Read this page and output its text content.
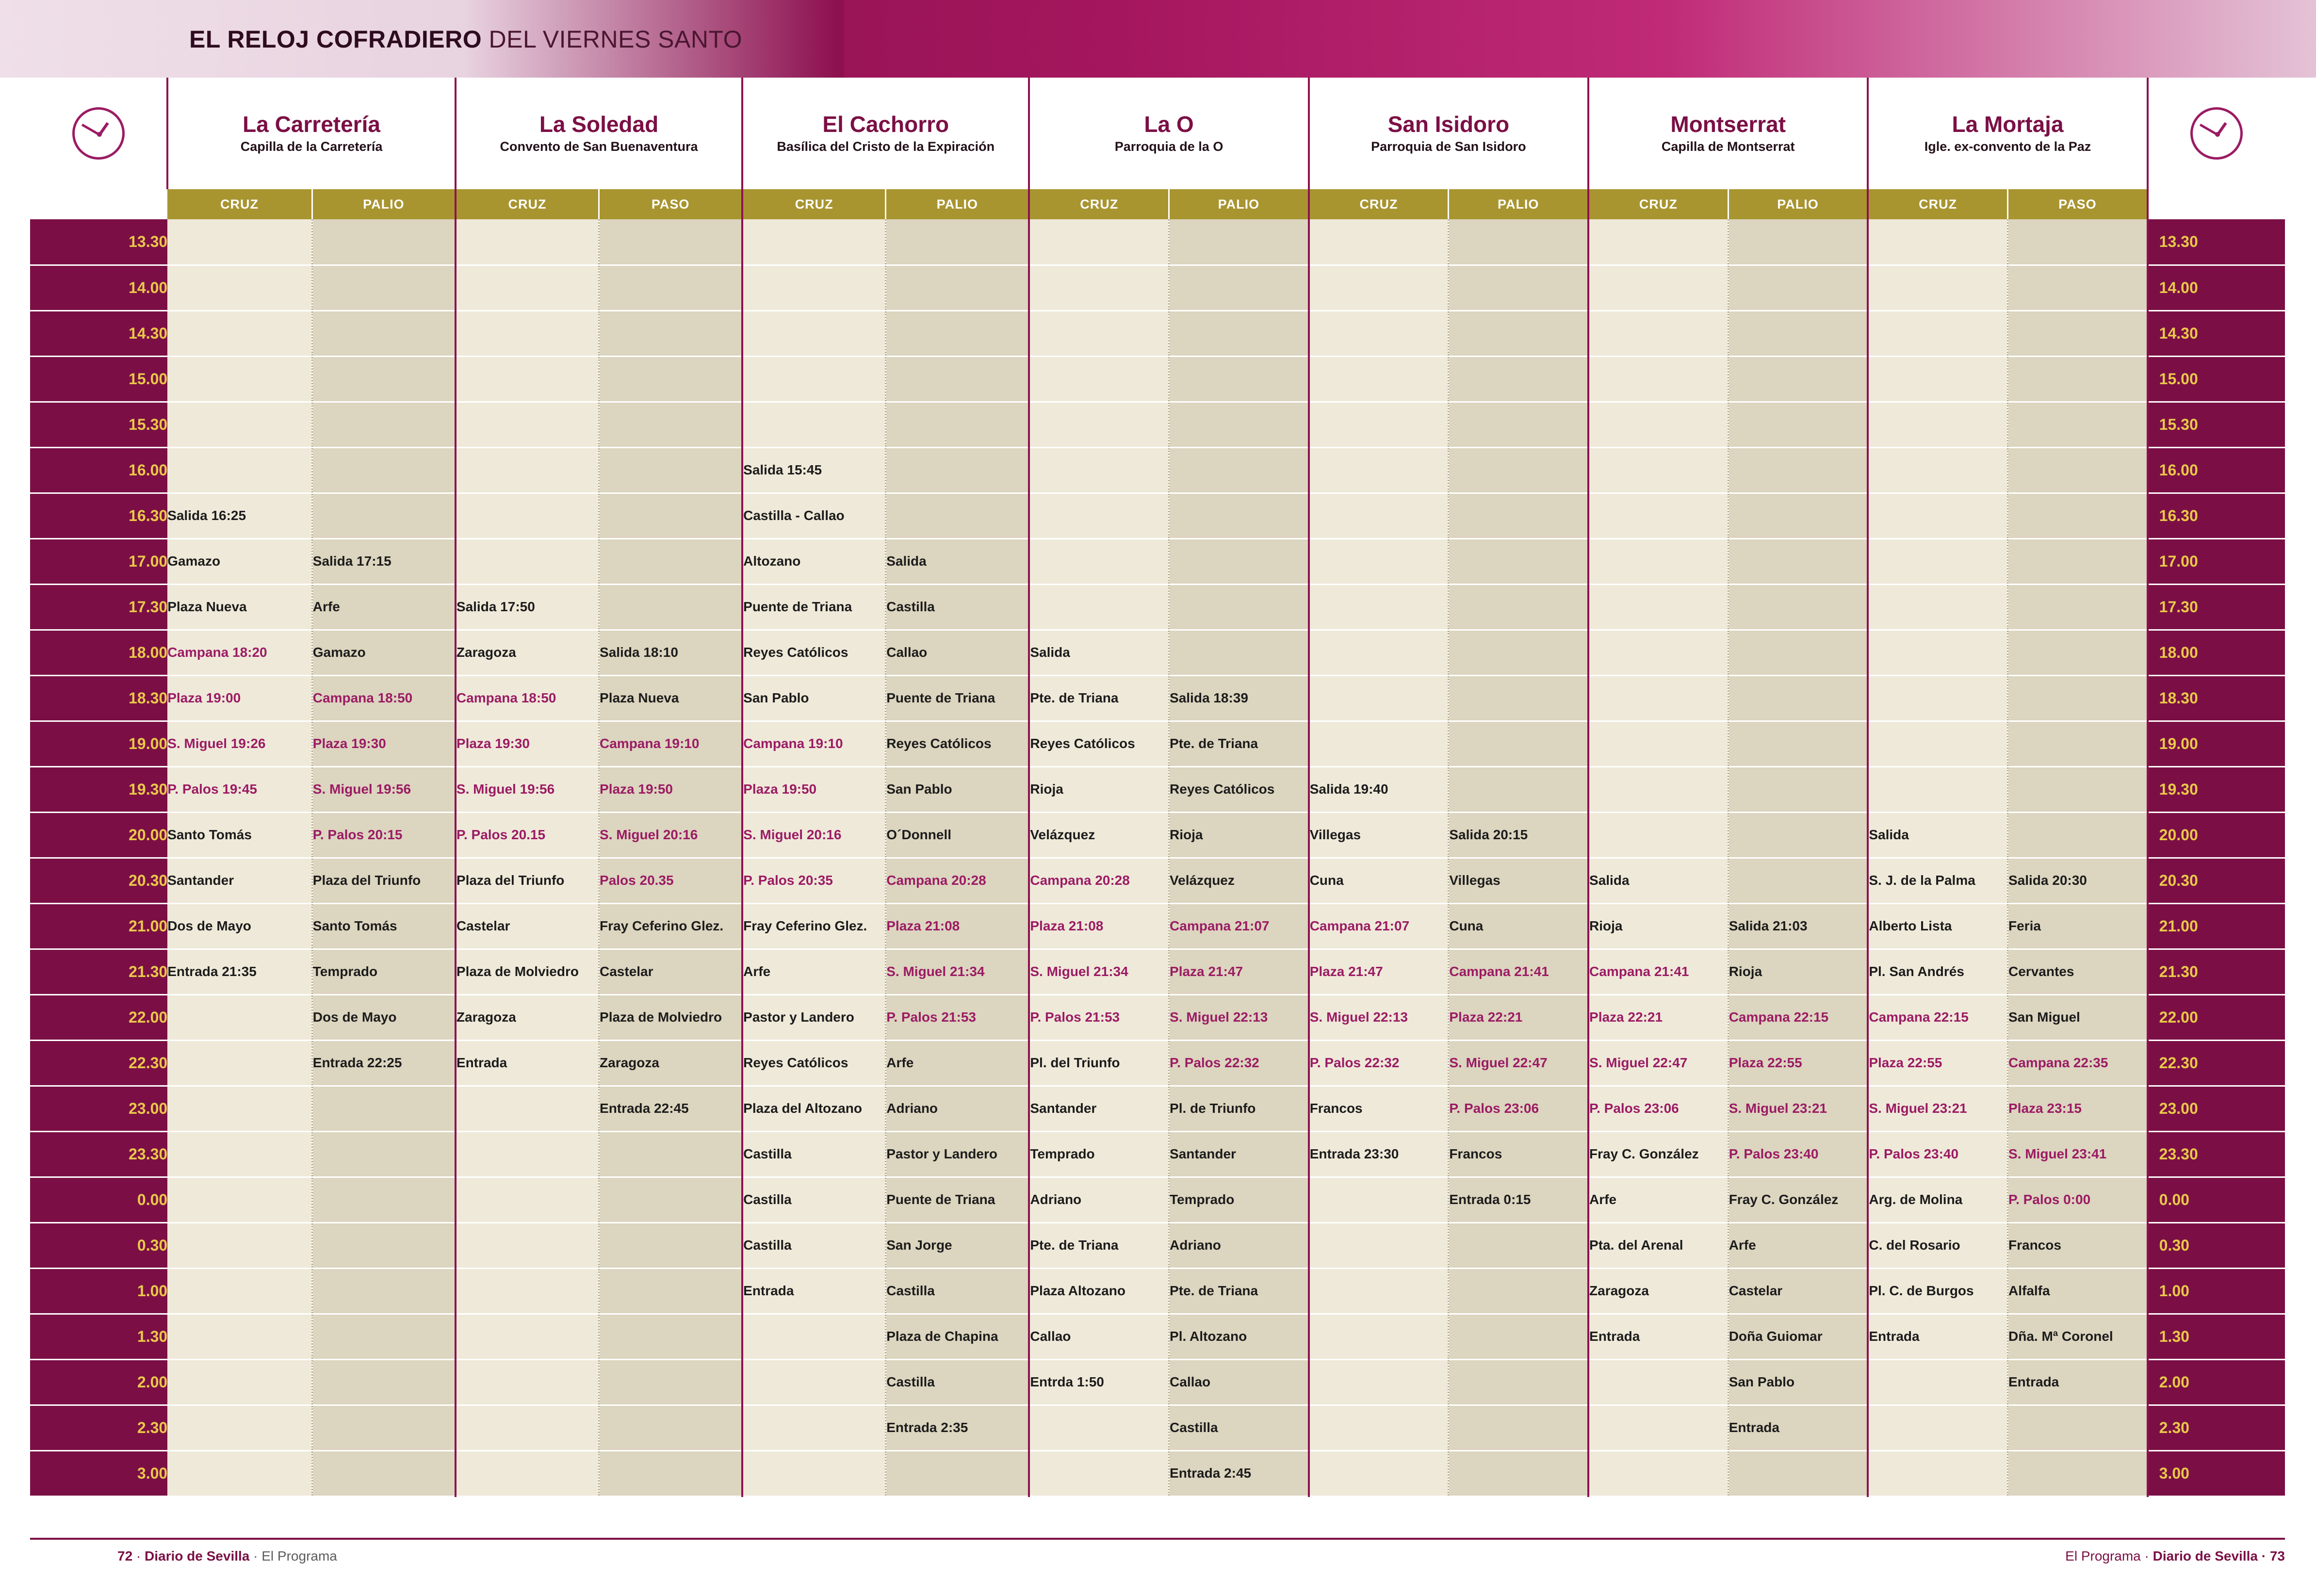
EL RELOJ COFRADIERO DEL VIERNES SANTO

La Carretería
Capilla de la Carretería

La Soledad
Convento de San Buenaventura

El Cachorro
Basílica del Cristo de la Expiración

La O
Parroquia de la O

San Isidoro
Parroquia de San Isidoro

Montserrat
Capilla de Montserrat

La Mortaja
Igle. ex-convento de la Paz

	CRUZ	PALIO	CRUZ	PASO	CRUZ	PALIO	CRUZ	PALIO	CRUZ	PALIO	CRUZ	PALIO	CRUZ	PASO	
13.30															13.30
14.00															14.00
14.30															14.30
15.00															15.00
15.30															15.30
16.00					Salida 15:45										16.00
16.30	Salida 16:25				Castilla - Callao										16.30
17.00	Gamazo	Salida 17:15			Altozano	Salida									17.00
17.30	Plaza Nueva	Arfe	Salida 17:50		Puente de Triana	Castilla									17.30
18.00	Campana 18:20	Gamazo	Zaragoza	Salida 18:10	Reyes Católicos	Callao	Salida								18.00
18.30	Plaza 19:00	Campana 18:50	Campana 18:50	Plaza Nueva	San Pablo	Puente de Triana	Pte. de Triana	Salida 18:39							18.30
19.00	S. Miguel 19:26	Plaza 19:30	Plaza 19:30	Campana 19:10	Campana 19:10	Reyes Católicos	Reyes Católicos	Pte. de Triana							19.00
19.30	P. Palos 19:45	S. Miguel 19:56	S. Miguel 19:56	Plaza 19:50	Plaza 19:50	San Pablo	Rioja	Reyes Católicos	Salida 19:40						19.30
20.00	Santo Tomás	P. Palos 20:15	P. Palos 20.15	S. Miguel 20:16	S. Miguel 20:16	O´Donnell	Velázquez	Rioja	Villegas	Salida 20:15			Salida		20.00
20.30	Santander	Plaza del Triunfo	Plaza del Triunfo	Palos 20.35	P. Palos 20:35	Campana 20:28	Campana 20:28	Velázquez	Cuna	Villegas	Salida		S. J. de la Palma	Salida 20:30	20.30
21.00	Dos de Mayo	Santo Tomás	Castelar	Fray Ceferino Glez.	Fray Ceferino Glez.	Plaza 21:08	Plaza 21:08	Campana 21:07	Campana 21:07	Cuna	Rioja	Salida 21:03	Alberto Lista	Feria	21.00
21.30	Entrada 21:35	Temprado	Plaza de Molviedro	Castelar	Arfe	S. Miguel 21:34	S. Miguel 21:34	Plaza 21:47	Plaza 21:47	Campana 21:41	Campana 21:41	Rioja	Pl. San Andrés	Cervantes	21.30
22.00		Dos de Mayo	Zaragoza	Plaza de Molviedro	Pastor y Landero	P. Palos 21:53	P. Palos 21:53	S. Miguel 22:13	S. Miguel 22:13	Plaza 22:21	Plaza 22:21	Campana 22:15	Campana 22:15	San Miguel	22.00
22.30		Entrada 22:25	Entrada	Zaragoza	Reyes Católicos	Arfe	Pl. del Triunfo	P. Palos 22:32	P. Palos 22:32	S. Miguel 22:47	S. Miguel 22:47	Plaza 22:55	Plaza 22:55	Campana 22:35	22.30
23.00				Entrada 22:45	Plaza del Altozano	Adriano	Santander	Pl. de Triunfo	Francos	P. Palos 23:06	P. Palos 23:06	S. Miguel 23:21	S. Miguel 23:21	Plaza 23:15	23.00
23.30					Castilla	Pastor y Landero	Temprado	Santander	Entrada 23:30	Francos	Fray C. González	P. Palos 23:40	P. Palos 23:40	S. Miguel 23:41	23.30
0.00					Castilla	Puente de Triana	Adriano	Temprado		Entrada 0:15	Arfe	Fray C. González	Arg. de Molina	P. Palos 0:00	0.00
0.30					Castilla	San Jorge	Pte. de Triana	Adriano			Pta. del Arenal	Arfe	C. del Rosario	Francos	0.30
1.00					Entrada	Castilla	Plaza Altozano	Pte. de Triana			Zaragoza	Castelar	Pl. C. de Burgos	Alfalfa	1.00
1.30						Plaza de Chapina	Callao	Pl. Altozano			Entrada	Doña Guiomar	Entrada	Dña. Mª Coronel	1.30
2.00						Castilla	Entrda 1:50	Callao				San Pablo		Entrada	2.00
2.30						Entrada 2:35		Castilla				Entrada			2.30
3.00								Entrada 2:45							3.00
72 · Diario de Sevilla · El Programa	El Programa · Diario de Sevilla · 73
